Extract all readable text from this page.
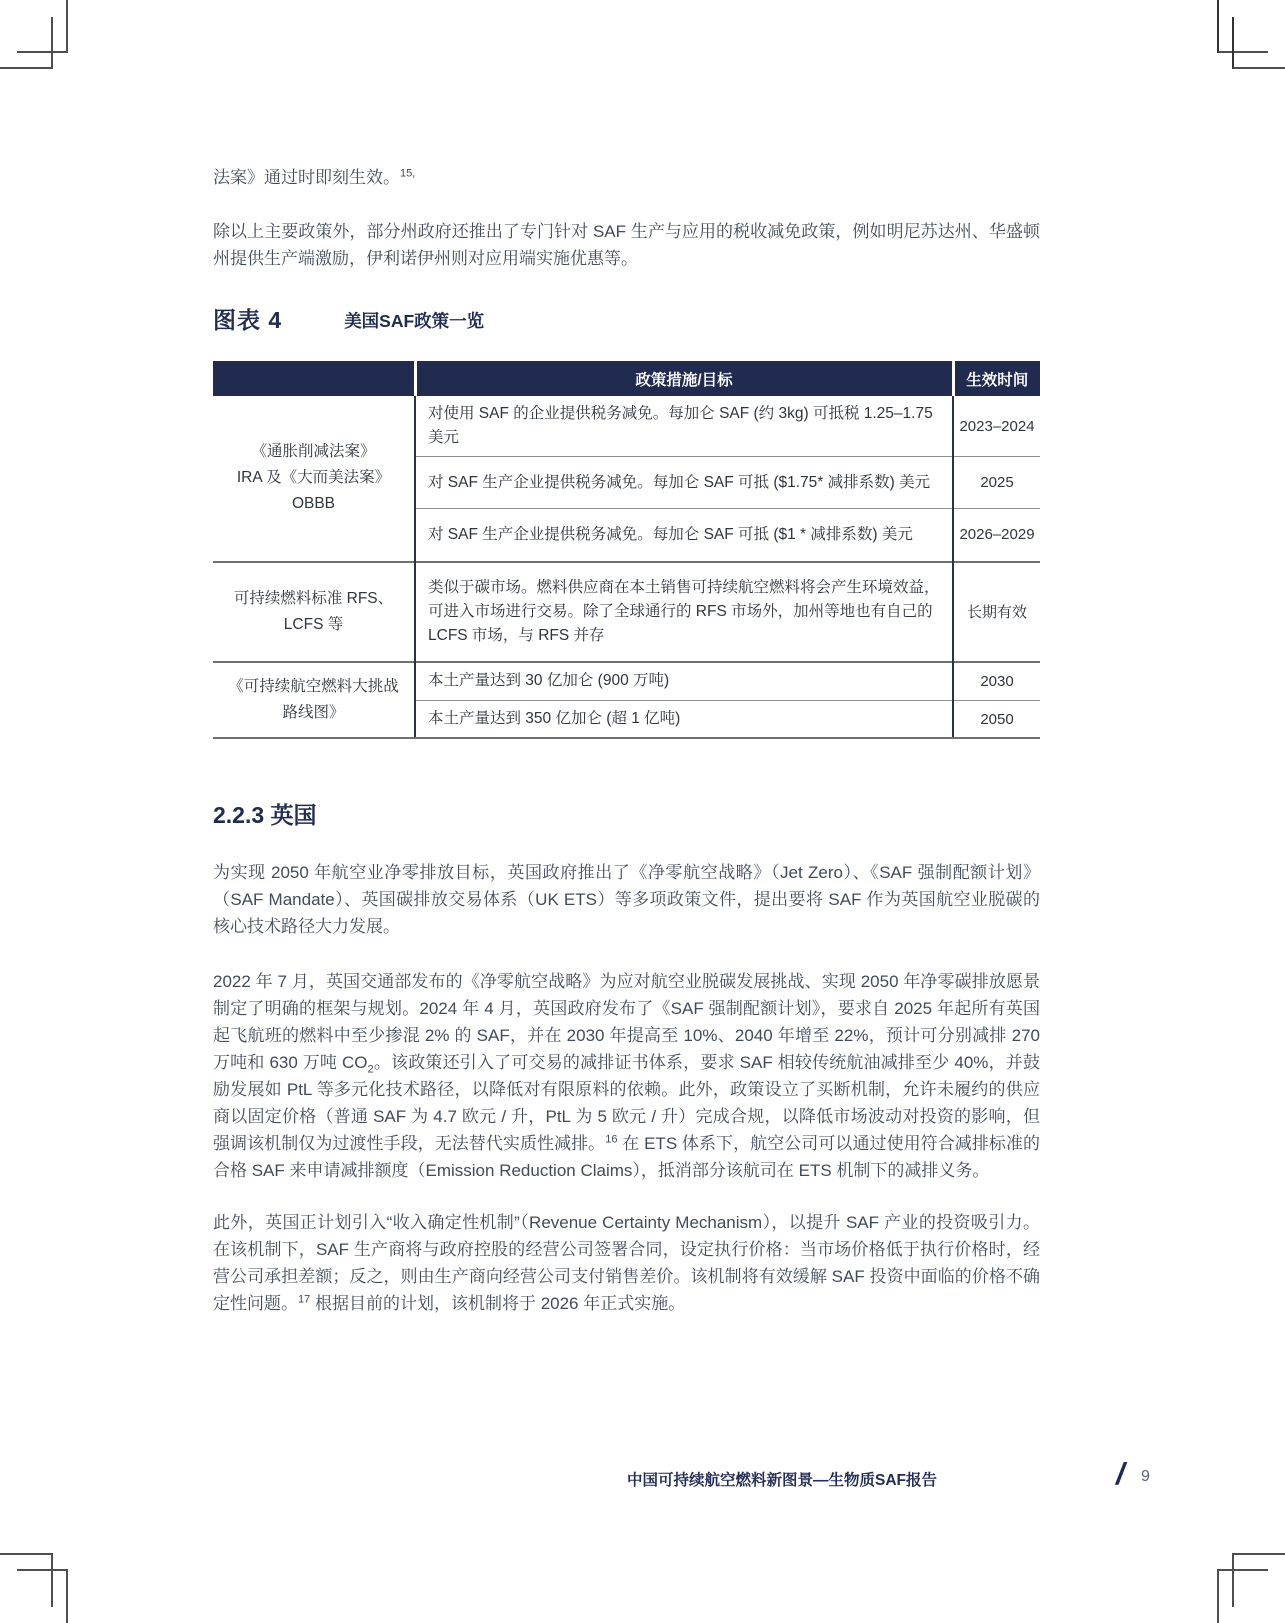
法案》通过时即刻生效。$^{15,}$

除以上主要政策外，部分州政府还推出了专门针对 SAF 生产与应用的税收减免政策，例如明尼苏达州、华盛顿州提供生产端激励，伊利诺伊州则对应用端实施优惠等。

图表 4	美国SAF政策一览
	政策措施/目标	生效时间

《通胀削减法案》
IRA 及《大而美法案》
OBBB	对使用 SAF 的企业提供税务减免。每加仑 SAF (约 3kg) 可抵税 1.25–1.75 美元	2023–2024
	对 SAF 生产企业提供税务减免。每加仑 SAF 可抵 ($1.75* 减排系数) 美元	2025
	对 SAF 生产企业提供税务减免。每加仑 SAF 可抵 ($1 * 减排系数) 美元	2026–2029

可持续燃料标准 RFS、
LCFS 等	类似于碳市场。燃料供应商在本土销售可持续航空燃料将会产生环境效益，可进入市场进行交易。除了全球通行的 RFS 市场外，加州等地也有自己的 LCFS 市场，与 RFS 并存	长期有效

《可持续航空燃料大挑战
路线图》	本土产量达到 30 亿加仑 (900 万吨)	2030
	本土产量达到 350 亿加仑 (超 1 亿吨)	2050
2.2.3 英国

为实现 2050 年航空业净零排放目标，英国政府推出了《净零航空战略》（Jet Zero）、《SAF 强制配额计划》（SAF Mandate）、英国碳排放交易体系（UK ETS）等多项政策文件，提出要将 SAF 作为英国航空业脱碳的核心技术路径大力发展。

2022 年 7 月，英国交通部发布的《净零航空战略》为应对航空业脱碳发展挑战、实现 2050 年净零碳排放愿景制定了明确的框架与规划。2024 年 4 月，英国政府发布了《SAF 强制配额计划》，要求自 2025 年起所有英国起飞航班的燃料中至少掺混 2% 的 SAF，并在 2030 年提高至 10%、2040 年增至 22%，预计可分别减排 270 万吨和 630 万吨 $CO_2$。该政策还引入了可交易的减排证书体系，要求 SAF 相较传统航油减排至少 40%，并鼓励发展如 PtL 等多元化技术路径，以降低对有限原料的依赖。此外，政策设立了买断机制，允许未履约的供应商以固定价格（普通 SAF 为 4.7 欧元 / 升，PtL 为 5 欧元 / 升）完成合规，以降低市场波动对投资的影响，但强调该机制仅为过渡性手段，无法替代实质性减排。$^{16}$ 在 ETS 体系下，航空公司可以通过使用符合减排标准的合格 SAF 来申请减排额度（Emission Reduction Claims），抵消部分该航司在 ETS 机制下的减排义务。

此外，英国正计划引入“收入确定性机制”（Revenue Certainty Mechanism），以提升 SAF 产业的投资吸引力。在该机制下，SAF 生产商将与政府控股的经营公司签署合同，设定执行价格：当市场价格低于执行价格时，经营公司承担差额；反之，则由生产商向经营公司支付销售差价。该机制将有效缓解 SAF 投资中面临的价格不确定性问题。$^{17}$ 根据目前的计划，该机制将于 2026 年正式实施。

中国可持续航空燃料新图景—生物质SAF报告	/ 9
